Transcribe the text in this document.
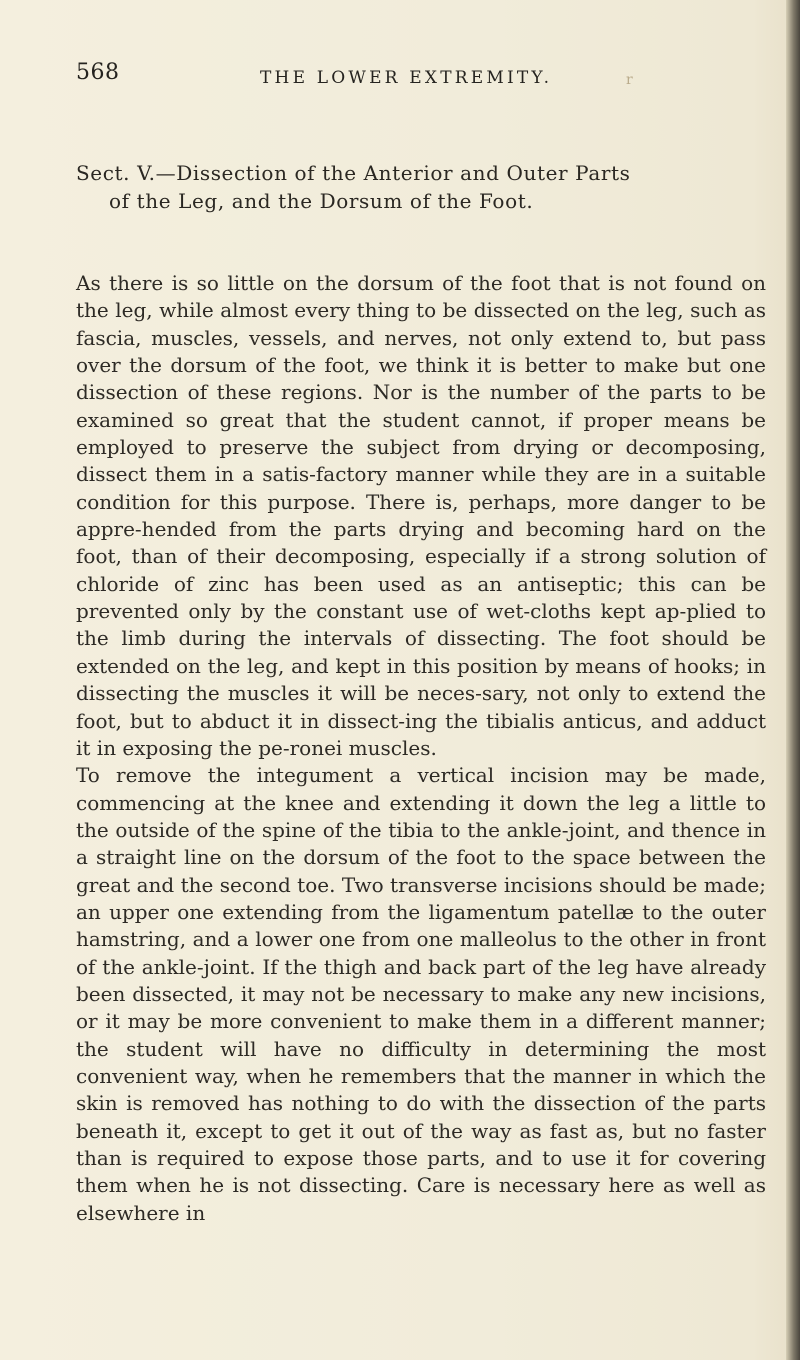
568	THE LOWER EXTREMITY.	r
Sect. V.—Dissection of the Anterior and Outer Parts
of the Leg, and the Dorsum of the Foot.

As there is so little on the dorsum of the foot that is not found on the leg, while almost every thing to be dissected on the leg, such as fascia, muscles, vessels, and nerves, not only extend to, but pass over the dorsum of the foot, we think it is better to make but one dissection of these regions. Nor is the number of the parts to be examined so great that the student cannot, if proper means be employed to preserve the subject from drying or decomposing, dissect them in a satis-factory manner while they are in a suitable condition for this purpose. There is, perhaps, more danger to be appre-hended from the parts drying and becoming hard on the foot, than of their decomposing, especially if a strong solution of chloride of zinc has been used as an antiseptic; this can be prevented only by the constant use of wet-cloths kept ap-plied to the limb during the intervals of dissecting. The foot should be extended on the leg, and kept in this position by means of hooks; in dissecting the muscles it will be neces-sary, not only to extend the foot, but to abduct it in dissect-ing the tibialis anticus, and adduct it in exposing the pe-ronei muscles.

To remove the integument a vertical incision may be made, commencing at the knee and extending it down the leg a little to the outside of the spine of the tibia to the ankle-joint, and thence in a straight line on the dorsum of the foot to the space between the great and the second toe. Two transverse incisions should be made; an upper one extending from the ligamentum patellæ to the outer hamstring, and a lower one from one malleolus to the other in front of the ankle-joint. If the thigh and back part of the leg have already been dissected, it may not be necessary to make any new incisions, or it may be more convenient to make them in a different manner; the student will have no difficulty in determining the most convenient way, when he remembers that the manner in which the skin is removed has nothing to do with the dissection of the parts beneath it, except to get it out of the way as fast as, but no faster than is required to expose those parts, and to use it for covering them when he is not dissecting. Care is necessary here as well as elsewhere in
